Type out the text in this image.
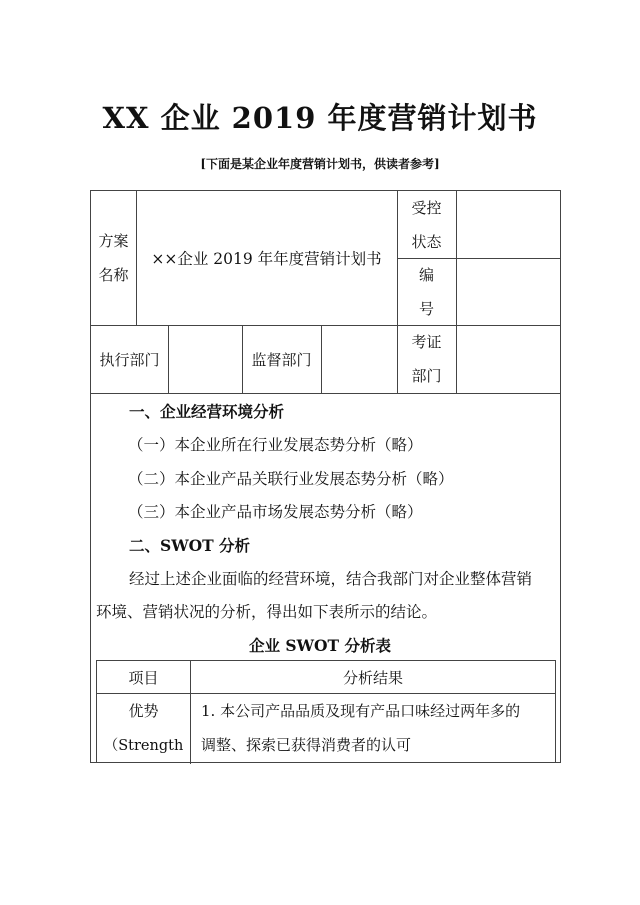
XX 企业 2019 年度营销计划书
[下面是某企业年度营销计划书，供读者参考]
方案
名称
××企业 2019 年年度营销计划书
受控
状态
编
号
执行部门	监督部门
考证
部门
一、企业经营环境分析
（一）本企业所在行业发展态势分析（略）
（二）本企业产品关联行业发展态势分析（略）
（三）本企业产品市场发展态势分析（略）
二、SWOT 分析
经过上述企业面临的经营环境，结合我部门对企业整体营销
环境、营销状况的分析，得出如下表所示的结论。
企业 SWOT 分析表
项目	分析结果
优势
（Strength
1. 本公司产品品质及现有产品口味经过两年多的
调整、探索已获得消费者的认可
